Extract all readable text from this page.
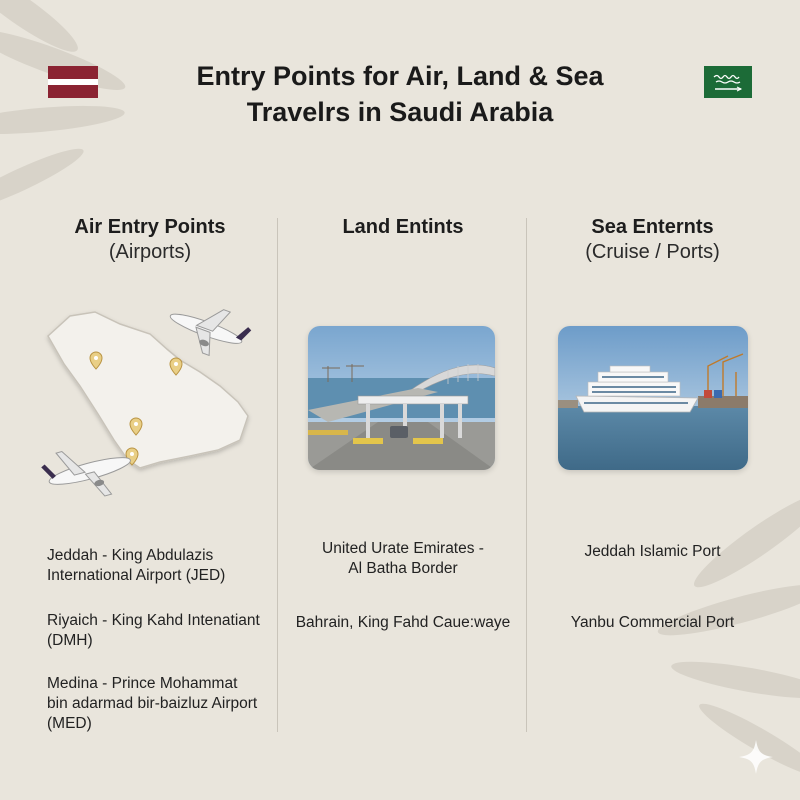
Entry Points for Air, Land & Sea
Travelrs in Saudi Arabia
Air Entry Points
(Airports)
Land Entints	Sea Enternts
(Cruise / Ports)
Jeddah - King Abdulazis
International Airport (JED)
Riyaich - King Kahd Intenatiant
(DMH)
Medina - Prince Mohammat
bin adarmad bir-baizluz Airport
(MED)
United Urate Emirates -
Al Batha Border
Bahrain, King Fahd Caue:waye
Jeddah Islamic Port
Yanbu Commercial Port
